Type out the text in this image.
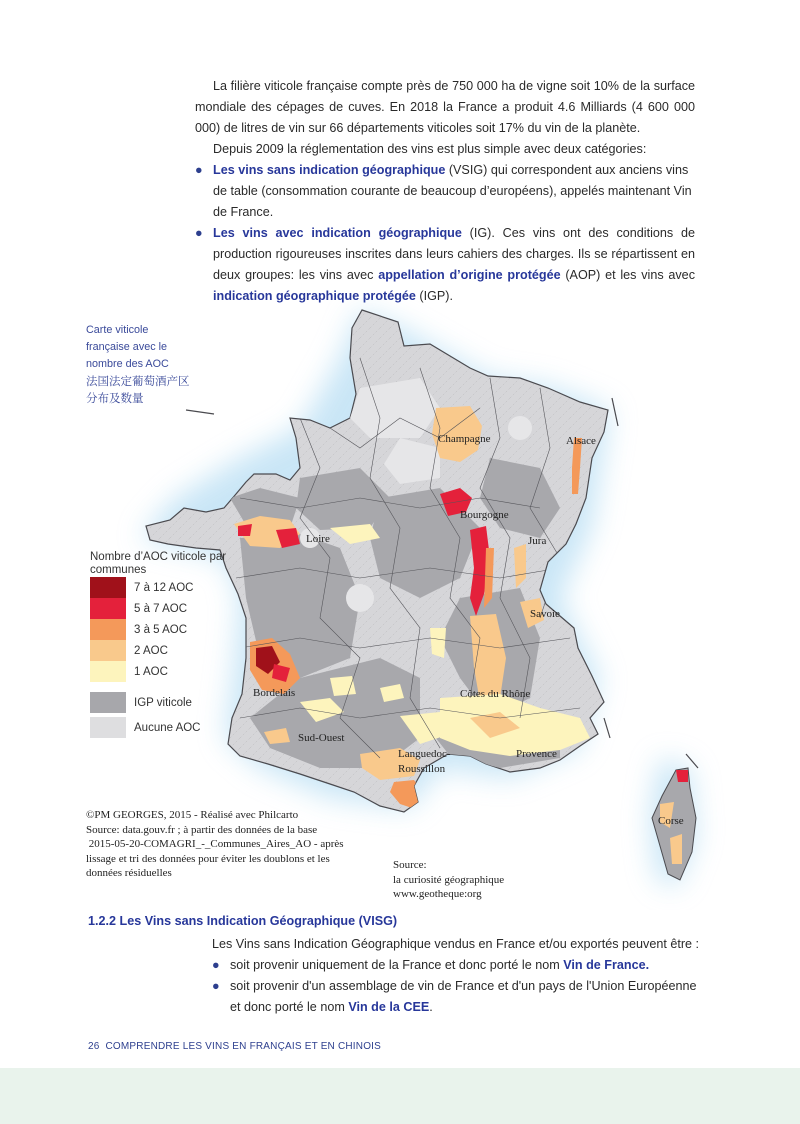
La filière viticole française compte près de 750 000 ha de vigne soit 10% de la surface mondiale des cépages de cuves. En 2018 la France a produit 4.6 Milliards (4 600 000 000) de litres de vin sur 66 départements viticoles soit 17% du vin de la planète.

Depuis 2009 la réglementation des vins est plus simple avec deux catégories:

● Les vins sans indication géographique (VSIG) qui correspondent aux anciens vins de table (consommation courante de beaucoup d’européens), appelés maintenant Vin de France.

● Les vins avec indication géographique (IG). Ces vins ont des conditions de production rigoureuses inscrites dans leurs cahiers des charges. Ils se répartissent en deux groupes: les vins avec appellation d’origine protégée (AOP) et les vins avec indication géographique protégée (IGP).

Champagne	Alsace
Bourgogne
Loire	Jura
Savoie
Bordelais	Côtes du Rhône
Sud-Ouest
Languedoc-
Roussillon
Provence
Corse
Carte viticole française avec le nombre des AOC
法国法定葡萄酒产区分布及数量
Nombre d’AOC viticole par communes
7 à 12 AOC
5 à 7 AOC
3 à 5 AOC
2 AOC
1 AOC
IGP viticole
Aucune AOC

©PM GEORGES, 2015 - Réalisé avec Philcarto

Source: data.gouv.fr ; à partir des données de la base

2015-05-20-COMAGRI_-_Communes_Aires_AO - après

lissage et tri des données pour éviter les doublons et les

données résiduelles

Source:

la curiosité géographique

www.geotheque:org

1.2.2 Les Vins sans Indication Géographique (VISG)

Les Vins sans Indication Géographique vendus en France et/ou exportés peuvent être :

● soit provenir uniquement de la France et donc porté le nom Vin de France.

● soit provenir d'un assemblage de vin de France et d'un pays de l'Union Européenne et donc porté le nom Vin de la CEE.

26 COMPRENDRE LES VINS EN FRANÇAIS ET EN CHINOIS
